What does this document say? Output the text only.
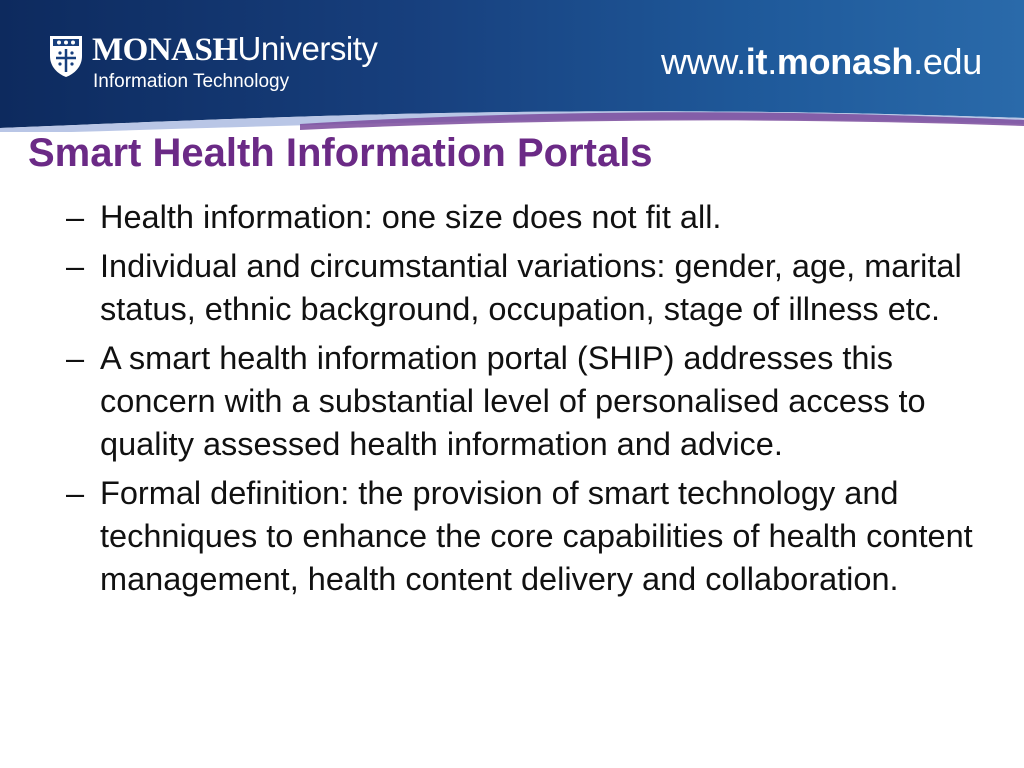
MONASHUniversity
Information Technology	www.it.monash.edu
Smart Health Information Portals
– Health information: one size does not fit all.
– Individual and circumstantial variations: gender, age, marital status, ethnic background, occupation, stage of illness etc.
– A smart health information portal (SHIP) addresses this concern with a substantial level of personalised access to quality assessed health information and advice.
– Formal definition: the provision of smart technology and techniques to enhance the core capabilities of health content management, health content delivery and collaboration.
